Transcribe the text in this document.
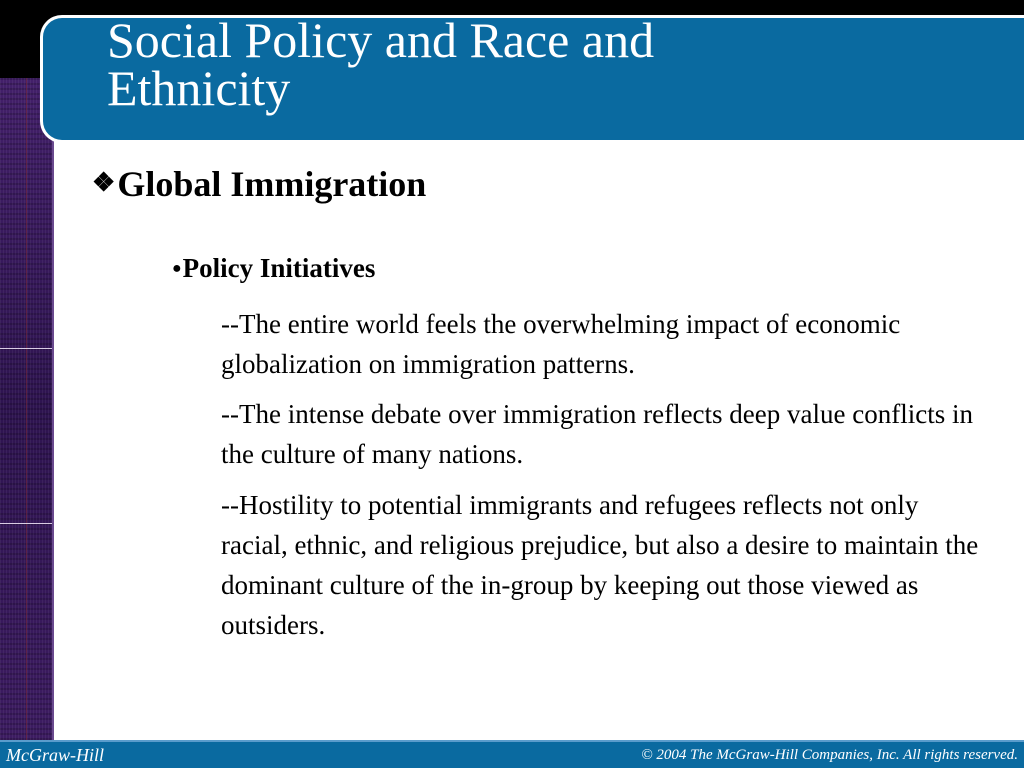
Social Policy and Race and
Ethnicity
❖Global Immigration
●Policy Initiatives
--The entire world feels the overwhelming impact of economic globalization on immigration patterns.
--The intense debate over immigration reflects deep value conflicts in the culture of many nations.
--Hostility to potential immigrants and refugees reflects not only racial, ethnic, and religious prejudice, but also a desire to maintain the dominant culture of the in-group by keeping out those viewed as outsiders.
McGraw-Hill	© 2004 The McGraw-Hill Companies, Inc. All rights reserved.
